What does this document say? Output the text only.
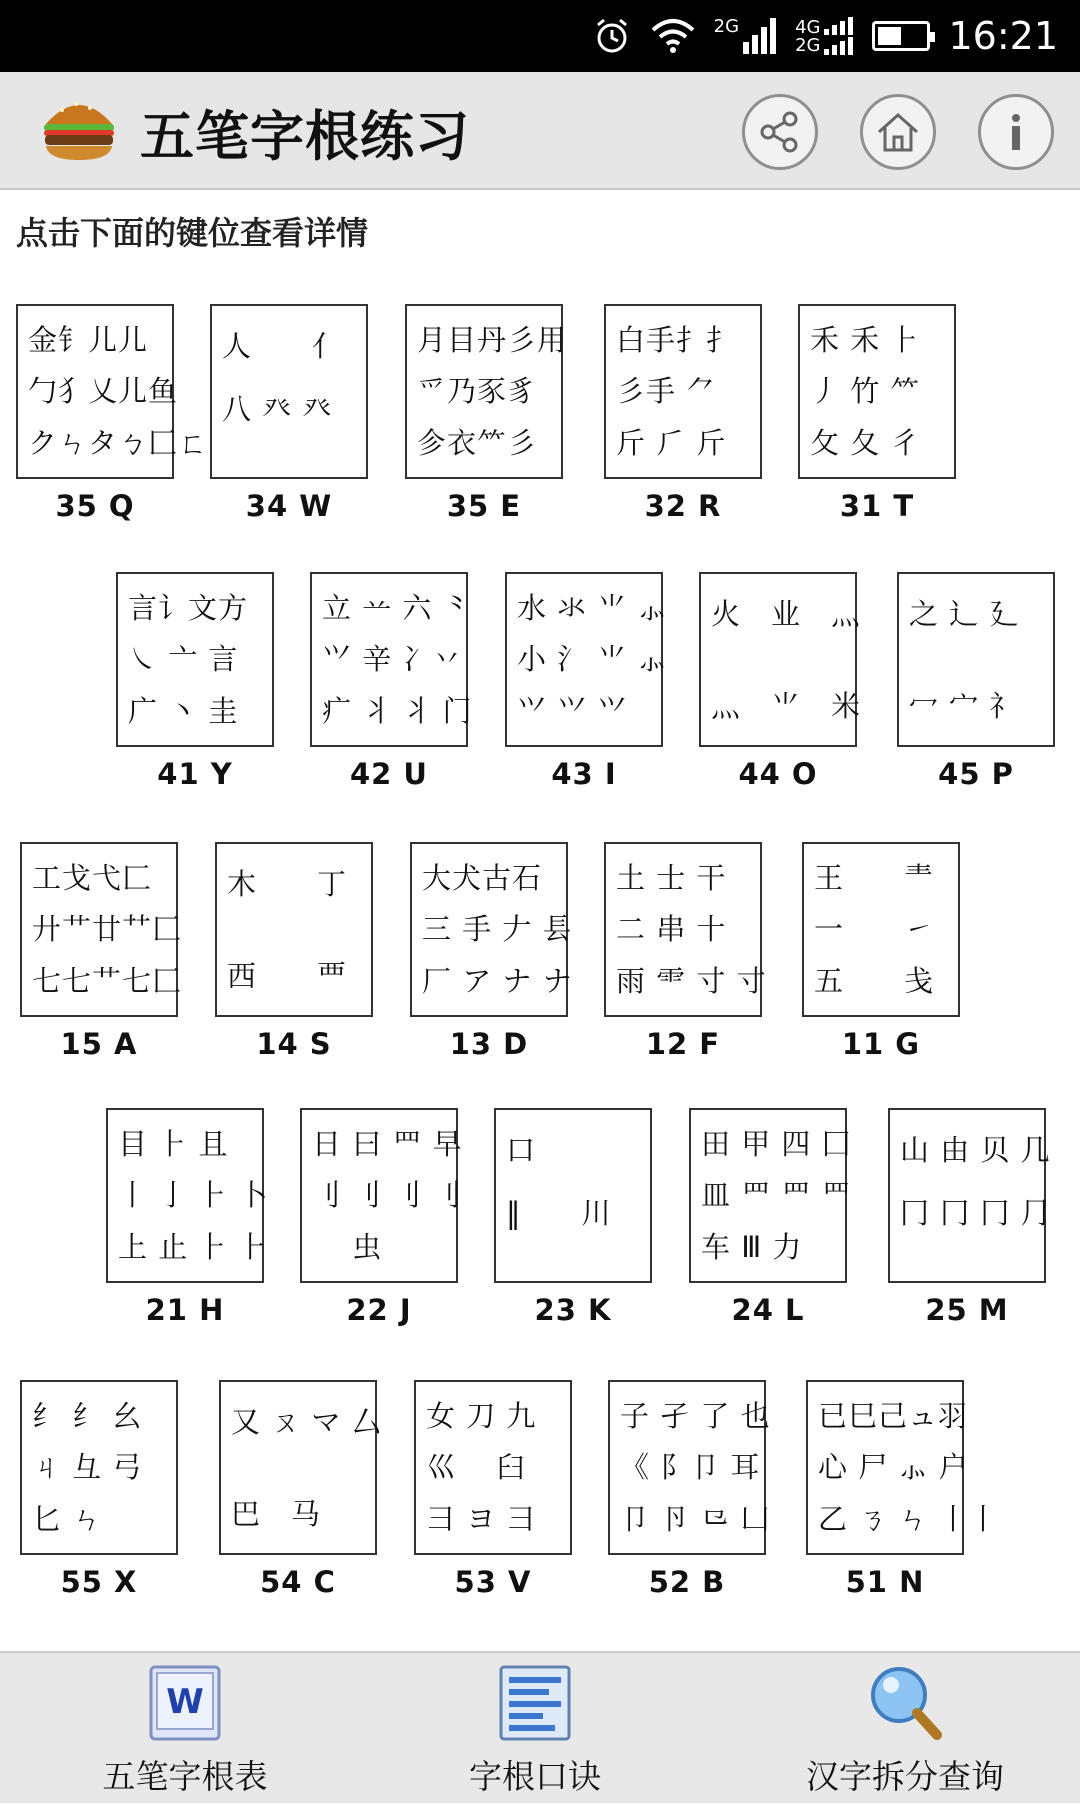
2G	4G
2G	16:21
五笔字根练习
点击下面的键位查看详情
金钅儿儿
勹犭乂儿鱼
クㄣタㄅ匚ㄈ
35 Q
人　　亻
八 癶 癶
34 W
月目丹彡用
爫乃豕豸
㐱衣⺮彡
35 E
白手扌扌
彡手 ⺈
斤 ⺁ 斤
32 R
禾 禾 ⺊
丿 竹 ⺮
攵 夂 彳
31 T
言讠文方
㇏ 亠 言
广 丶 圭
41 Y
立 䒑 六 ⺀
⺍ 辛 冫丷
疒 丬 ⺦ 门
42 U
水 氺 ⺌ ⺗
小 氵 ⺌ ⺗
⺍ ⺍ ⺍
43 I
火　业　⺣
灬　⺌　米
44 O
之 辶 廴
冖 宀 礻
45 P
工戈弋匚
廾艹廿⺿匚
七七艹七匚
15 A
木　　丁
西　　覀
14 S
大犬古石
三 手 𠂇 镸
厂 ア ナ ナ
13 D
土 士 干
二 串 十
雨 ⻗ 寸 寸
12 F
王　　龶
一　　㇀
五　　戋
11 G
目 ⺊ 且
丨 亅 ⺊ 卜
上 止 ⺊ ⺊
21 H
日 曰 ⺲ 早
刂 刂 刂 刂
　 虫
22 J
口
‖　　川
23 K
田 甲 四 囗
皿 罒 罒 罒
车 Ⅲ 力
24 L
山 由 贝 几
冂 冂 冂 ⺆
25 M
纟 纟 幺
ㄐ 彑 弓
匕 ㄣ
55 X
又 ㄡ マ 厶
巴　马
54 C
女 刀 九
巛　 臼
彐 ヨ ⺕
53 V
子 孑 了 也
《 阝卩 耳
卩 卪 ⺋ 凵
52 B
已巳己ュ羽
心 尸 ⺗ 户
乙 ㄋ ㄣ 丨丨
51 N
W
五笔字根表	字根口诀	汉字拆分查询
